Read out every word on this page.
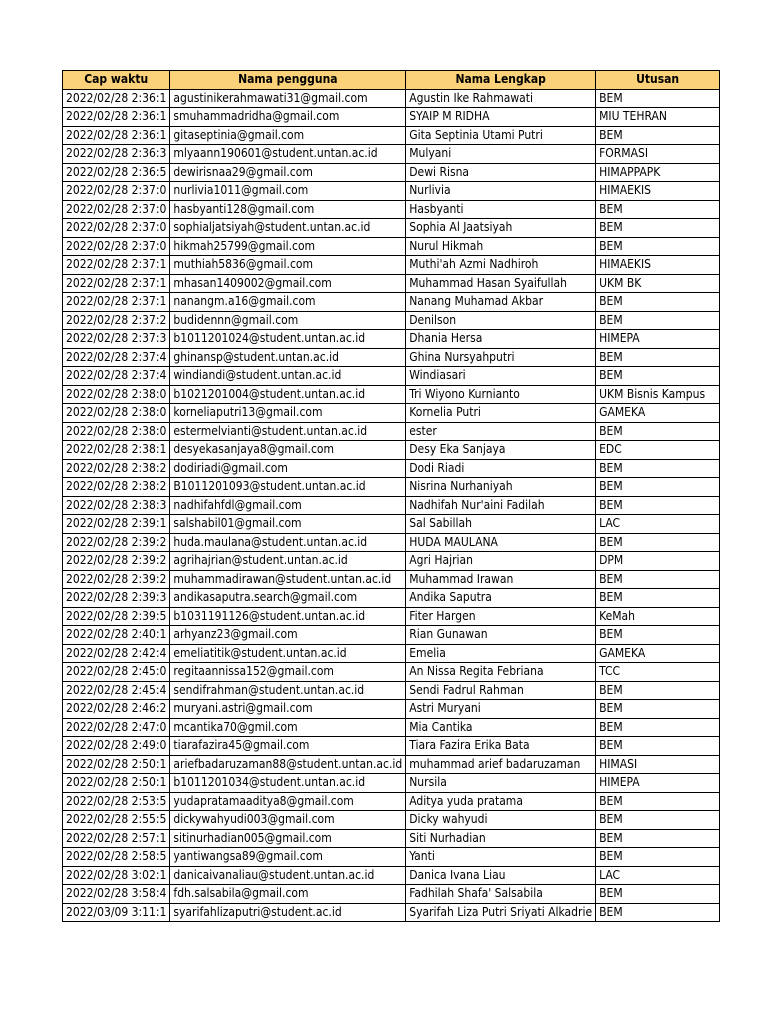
Cap waktu	Nama pengguna	Nama Lengkap	Utusan
2022/02/28 2:36:1	agustinikerahmawati31@gmail.com	Agustin Ike Rahmawati	BEM
2022/02/28 2:36:1	smuhammadridha@gmail.com	SYAIP M RIDHA	MIU TEHRAN
2022/02/28 2:36:1	gitaseptinia@gmail.com	Gita Septinia Utami Putri	BEM
2022/02/28 2:36:3	mlyaann190601@student.untan.ac.id	Mulyani	FORMASI
2022/02/28 2:36:5	dewirisnaa29@gmail.com	Dewi Risna	HIMAPPAPK
2022/02/28 2:37:0	nurlivia1011@gmail.com	Nurlivia	HIMAEKIS
2022/02/28 2:37:0	hasbyanti128@gmail.com	Hasbyanti	BEM
2022/02/28 2:37:0	sophialjatsiyah@student.untan.ac.id	Sophia Al Jaatsiyah	BEM
2022/02/28 2:37:0	hikmah25799@gmail.com	Nurul Hikmah	BEM
2022/02/28 2:37:1	muthiah5836@gmail.com	Muthi'ah Azmi Nadhiroh	HIMAEKIS
2022/02/28 2:37:1	mhasan1409002@gmail.com	Muhammad Hasan Syaifullah	UKM BK
2022/02/28 2:37:1	nanangm.a16@gmail.com	Nanang Muhamad Akbar	BEM
2022/02/28 2:37:2	budidennn@gmail.com	Denilson	BEM
2022/02/28 2:37:3	b1011201024@student.untan.ac.id	Dhania Hersa	HIMEPA
2022/02/28 2:37:4	ghinansp@student.untan.ac.id	Ghina Nursyahputri	BEM
2022/02/28 2:37:4	windiandi@student.untan.ac.id	Windiasari	BEM
2022/02/28 2:38:0	b1021201004@student.untan.ac.id	Tri Wiyono Kurnianto	UKM Bisnis Kampus
2022/02/28 2:38:0	korneliaputri13@gmail.com	Kornelia Putri	GAMEKA
2022/02/28 2:38:0	estermelvianti@student.untan.ac.id	ester	BEM
2022/02/28 2:38:1	desyekasanjaya8@gmail.com	Desy Eka Sanjaya	EDC
2022/02/28 2:38:2	dodiriadi@gmail.com	Dodi Riadi	BEM
2022/02/28 2:38:2	B1011201093@student.untan.ac.id	Nisrina Nurhaniyah	BEM
2022/02/28 2:38:3	nadhifahfdl@gmail.com	Nadhifah Nur'aini Fadilah	BEM
2022/02/28 2:39:1	salshabil01@gmail.com	Sal Sabillah	LAC
2022/02/28 2:39:2	huda.maulana@student.untan.ac.id	HUDA MAULANA	BEM
2022/02/28 2:39:2	agrihajrian@student.untan.ac.id	Agri Hajrian	DPM
2022/02/28 2:39:2	muhammadirawan@student.untan.ac.id	Muhammad Irawan	BEM
2022/02/28 2:39:3	andikasaputra.search@gmail.com	Andika Saputra	BEM
2022/02/28 2:39:5	b1031191126@student.untan.ac.id	Fiter Hargen	KeMah
2022/02/28 2:40:1	arhyanz23@gmail.com	Rian Gunawan	BEM
2022/02/28 2:42:4	emeliatitik@student.untan.ac.id	Emelia	GAMEKA
2022/02/28 2:45:0	regitaannissa152@gmail.com	An Nissa Regita Febriana	TCC
2022/02/28 2:45:4	sendifrahman@student.untan.ac.id	Sendi Fadrul Rahman	BEM
2022/02/28 2:46:2	muryani.astri@gmail.com	Astri Muryani	BEM
2022/02/28 2:47:0	mcantika70@gmil.com	Mia Cantika	BEM
2022/02/28 2:49:0	tiarafazira45@gmail.com	Tiara Fazira Erika Bata	BEM
2022/02/28 2:50:1	ariefbadaruzaman88@student.untan.ac.id	muhammad arief badaruzaman	HIMASI
2022/02/28 2:50:1	b1011201034@student.untan.ac.id	Nursila	HIMEPA
2022/02/28 2:53:5	yudapratamaaditya8@gmail.com	Aditya yuda pratama	BEM
2022/02/28 2:55:5	dickywahyudi003@gmail.com	Dicky wahyudi	BEM
2022/02/28 2:57:1	sitinurhadian005@gmail.com	Siti Nurhadian	BEM
2022/02/28 2:58:5	yantiwangsa89@gmail.com	Yanti	BEM
2022/02/28 3:02:1	danicaivanaliau@student.untan.ac.id	Danica Ivana Liau	LAC
2022/02/28 3:58:4	fdh.salsabila@gmail.com	Fadhilah Shafa' Salsabila	BEM
2022/03/09 3:11:1	syarifahlizaputri@student.ac.id	Syarifah Liza Putri Sriyati Alkadrie	BEM
